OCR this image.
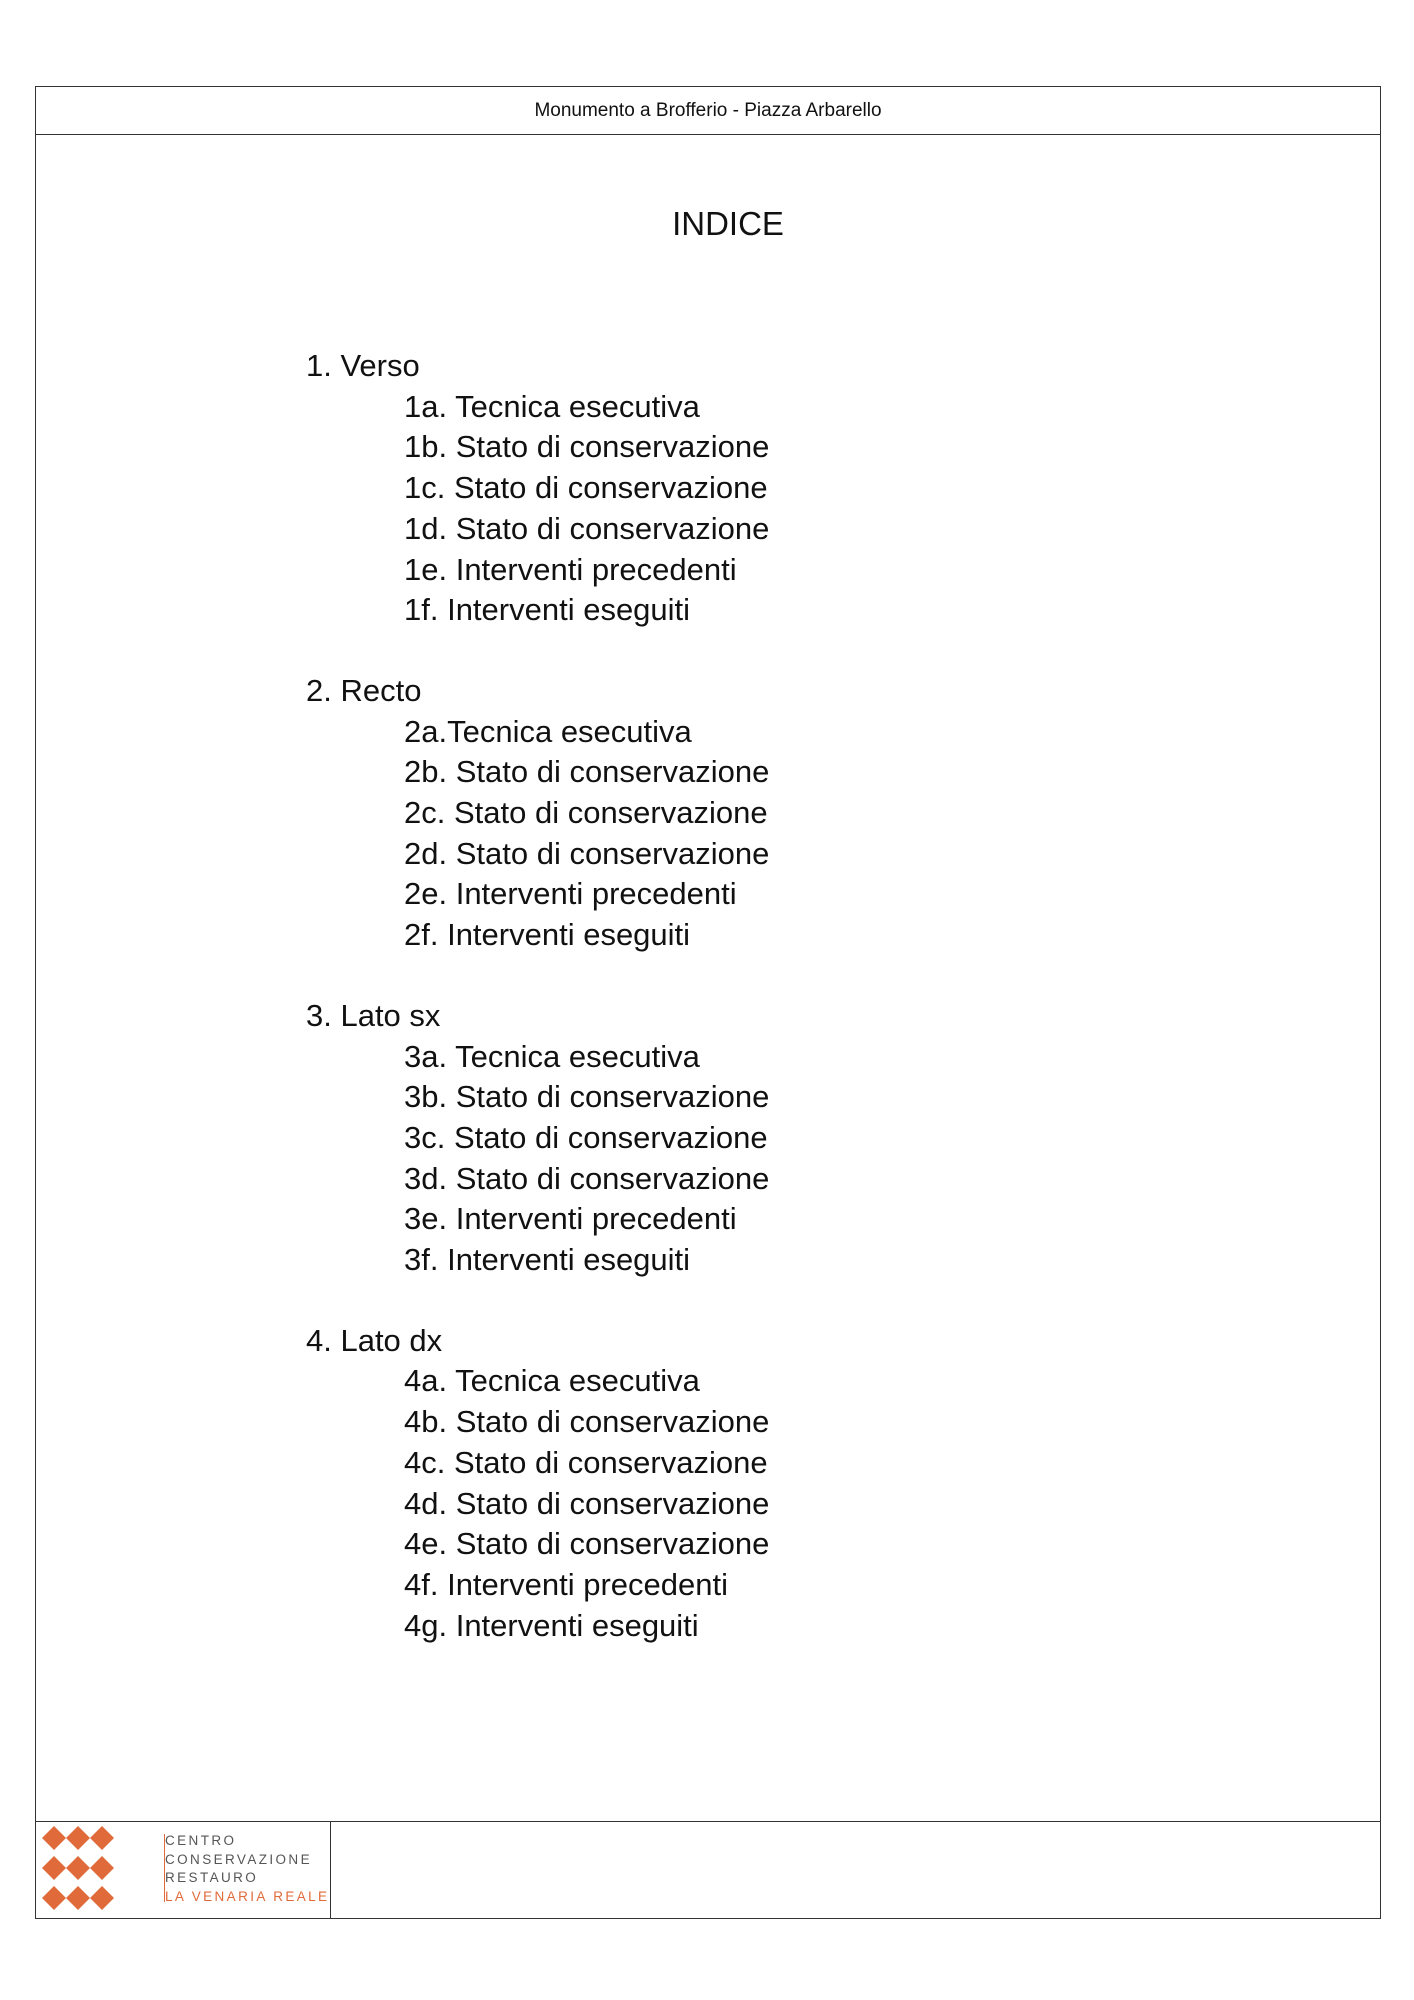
Monumento a Brofferio - Piazza Arbarello
INDICE
1. Verso
1a. Tecnica esecutiva
1b. Stato di conservazione
1c. Stato di conservazione
1d. Stato di conservazione
1e. Interventi precedenti
1f. Interventi eseguiti
2. Recto
2a.Tecnica esecutiva
2b. Stato di conservazione
2c. Stato di conservazione
2d. Stato di conservazione
2e. Interventi precedenti
2f. Interventi eseguiti
3. Lato sx
3a. Tecnica esecutiva
3b. Stato di conservazione
3c. Stato di conservazione
3d. Stato di conservazione
3e. Interventi precedenti
3f. Interventi eseguiti
4. Lato dx
4a. Tecnica esecutiva
4b. Stato di conservazione
4c. Stato di conservazione
4d. Stato di conservazione
4e. Stato di conservazione
4f. Interventi precedenti
4g. Interventi eseguiti
CENTRO
CONSERVAZIONE
RESTAURO
LA VENARIA REALE
